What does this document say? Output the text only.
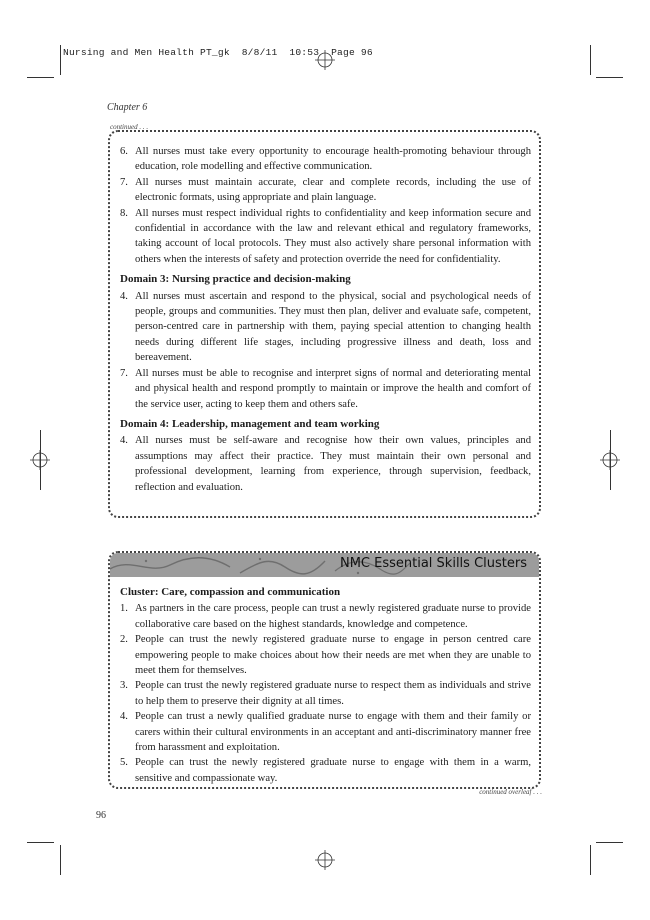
Nursing and Men Health PT_gk  8/8/11  10:53  Page 96
Chapter 6
continued . . .
6. All nurses must take every opportunity to encourage health-promoting behaviour through education, role modelling and effective communication.
7. All nurses must maintain accurate, clear and complete records, including the use of electronic formats, using appropriate and plain language.
8. All nurses must respect individual rights to confidentiality and keep information secure and confidential in accordance with the law and relevant ethical and regulatory frameworks, taking account of local protocols. They must also actively share personal information with others when the interests of safety and protection override the need for confidentiality.
Domain 3: Nursing practice and decision-making
4. All nurses must ascertain and respond to the physical, social and psychological needs of people, groups and communities. They must then plan, deliver and evaluate safe, competent, person-centred care in partnership with them, paying special attention to changing health needs during different life stages, including progressive illness and death, loss and bereavement.
7. All nurses must be able to recognise and interpret signs of normal and deteriorating mental and physical health and respond promptly to maintain or improve the health and comfort of the service user, acting to keep them and others safe.
Domain 4: Leadership, management and team working
4. All nurses must be self-aware and recognise how their own values, principles and assumptions may affect their practice. They must maintain their own personal and professional development, learning from experience, through supervision, feedback, reflection and evaluation.
NMC Essential Skills Clusters
Cluster: Care, compassion and communication
1. As partners in the care process, people can trust a newly registered graduate nurse to provide collaborative care based on the highest standards, knowledge and competence.
2. People can trust the newly registered graduate nurse to engage in person centred care empowering people to make choices about how their needs are met when they are unable to meet them for themselves.
3. People can trust the newly registered graduate nurse to respect them as individuals and strive to help them to preserve their dignity at all times.
4. People can trust a newly qualified graduate nurse to engage with them and their family or carers within their cultural environments in an acceptant and anti-discriminatory manner free from harassment and exploitation.
5. People can trust the newly registered graduate nurse to engage with them in a warm, sensitive and compassionate way.
continued overleaf . . .
96
